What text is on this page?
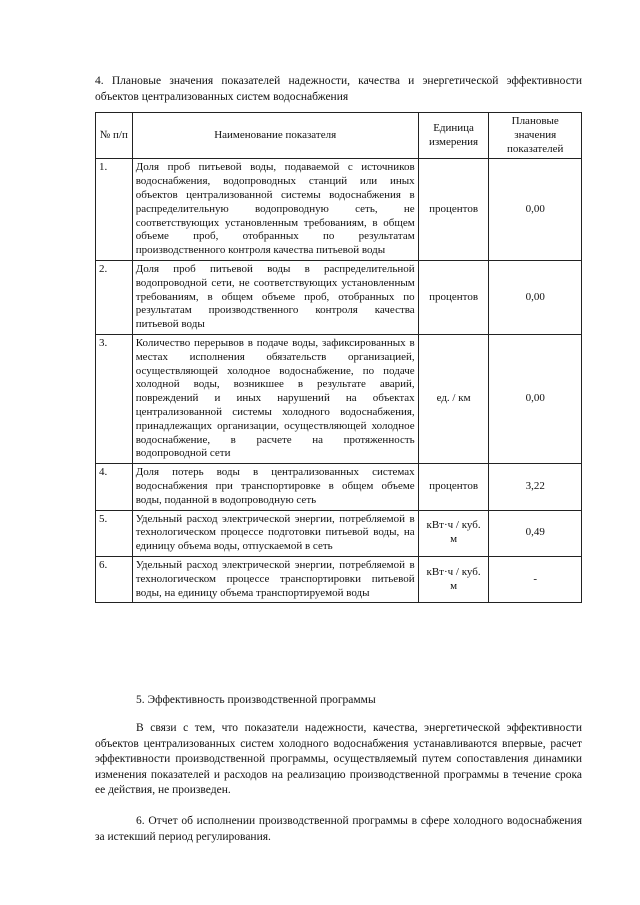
4. Плановые значения показателей надежности, качества и энергетической эффективности объектов централизованных систем водоснабжения
№ п/п	Наименование показателя	Единица измерения	Плановые значения показателей
1.	Доля проб питьевой воды, подаваемой с источников водоснабжения, водопроводных станций или иных объектов централизованной системы водоснабжения в распределительную водопроводную сеть, не соответствующих установленным требованиям, в общем объеме проб, отобранных по результатам производственного контроля качества питьевой воды	процентов	0,00
2.	Доля проб питьевой воды в распределительной водопроводной сети, не соответствующих установленным требованиям, в общем объеме проб, отобранных по результатам производственного контроля качества питьевой воды	процентов	0,00
3.	Количество перерывов в подаче воды, зафиксированных в местах исполнения обязательств организацией, осуществляющей холодное водоснабжение, по подаче холодной воды, возникшее в результате аварий, повреждений и иных нарушений на объектах централизованной системы холодного водоснабжения, принадлежащих организации, осуществляющей холодное водоснабжение, в расчете на протяженность водопроводной сети	ед. / км	0,00
4.	Доля потерь воды в централизованных системах водоснабжения при транспортировке в общем объеме воды, поданной в водопроводную сеть	процентов	3,22
5.	Удельный расход электрической энергии, потребляемой в технологическом процессе подготовки питьевой воды, на единицу объема воды, отпускаемой в сеть	кВт·ч / куб. м	0,49
6.	Удельный расход электрической энергии, потребляемой в технологическом процессе транспортировки питьевой воды, на единицу объема транспортируемой воды	кВт·ч / куб. м	-
5. Эффективность производственной программы
В связи с тем, что показатели надежности, качества, энергетической эффективности объектов централизованных систем холодного водоснабжения устанавливаются впервые, расчет эффективности производственной программы, осуществляемый путем сопоставления динамики изменения показателей и расходов на реализацию производственной программы в течение срока ее действия, не произведен.
6. Отчет об исполнении производственной программы в сфере холодного водоснабжения за истекший период регулирования.
